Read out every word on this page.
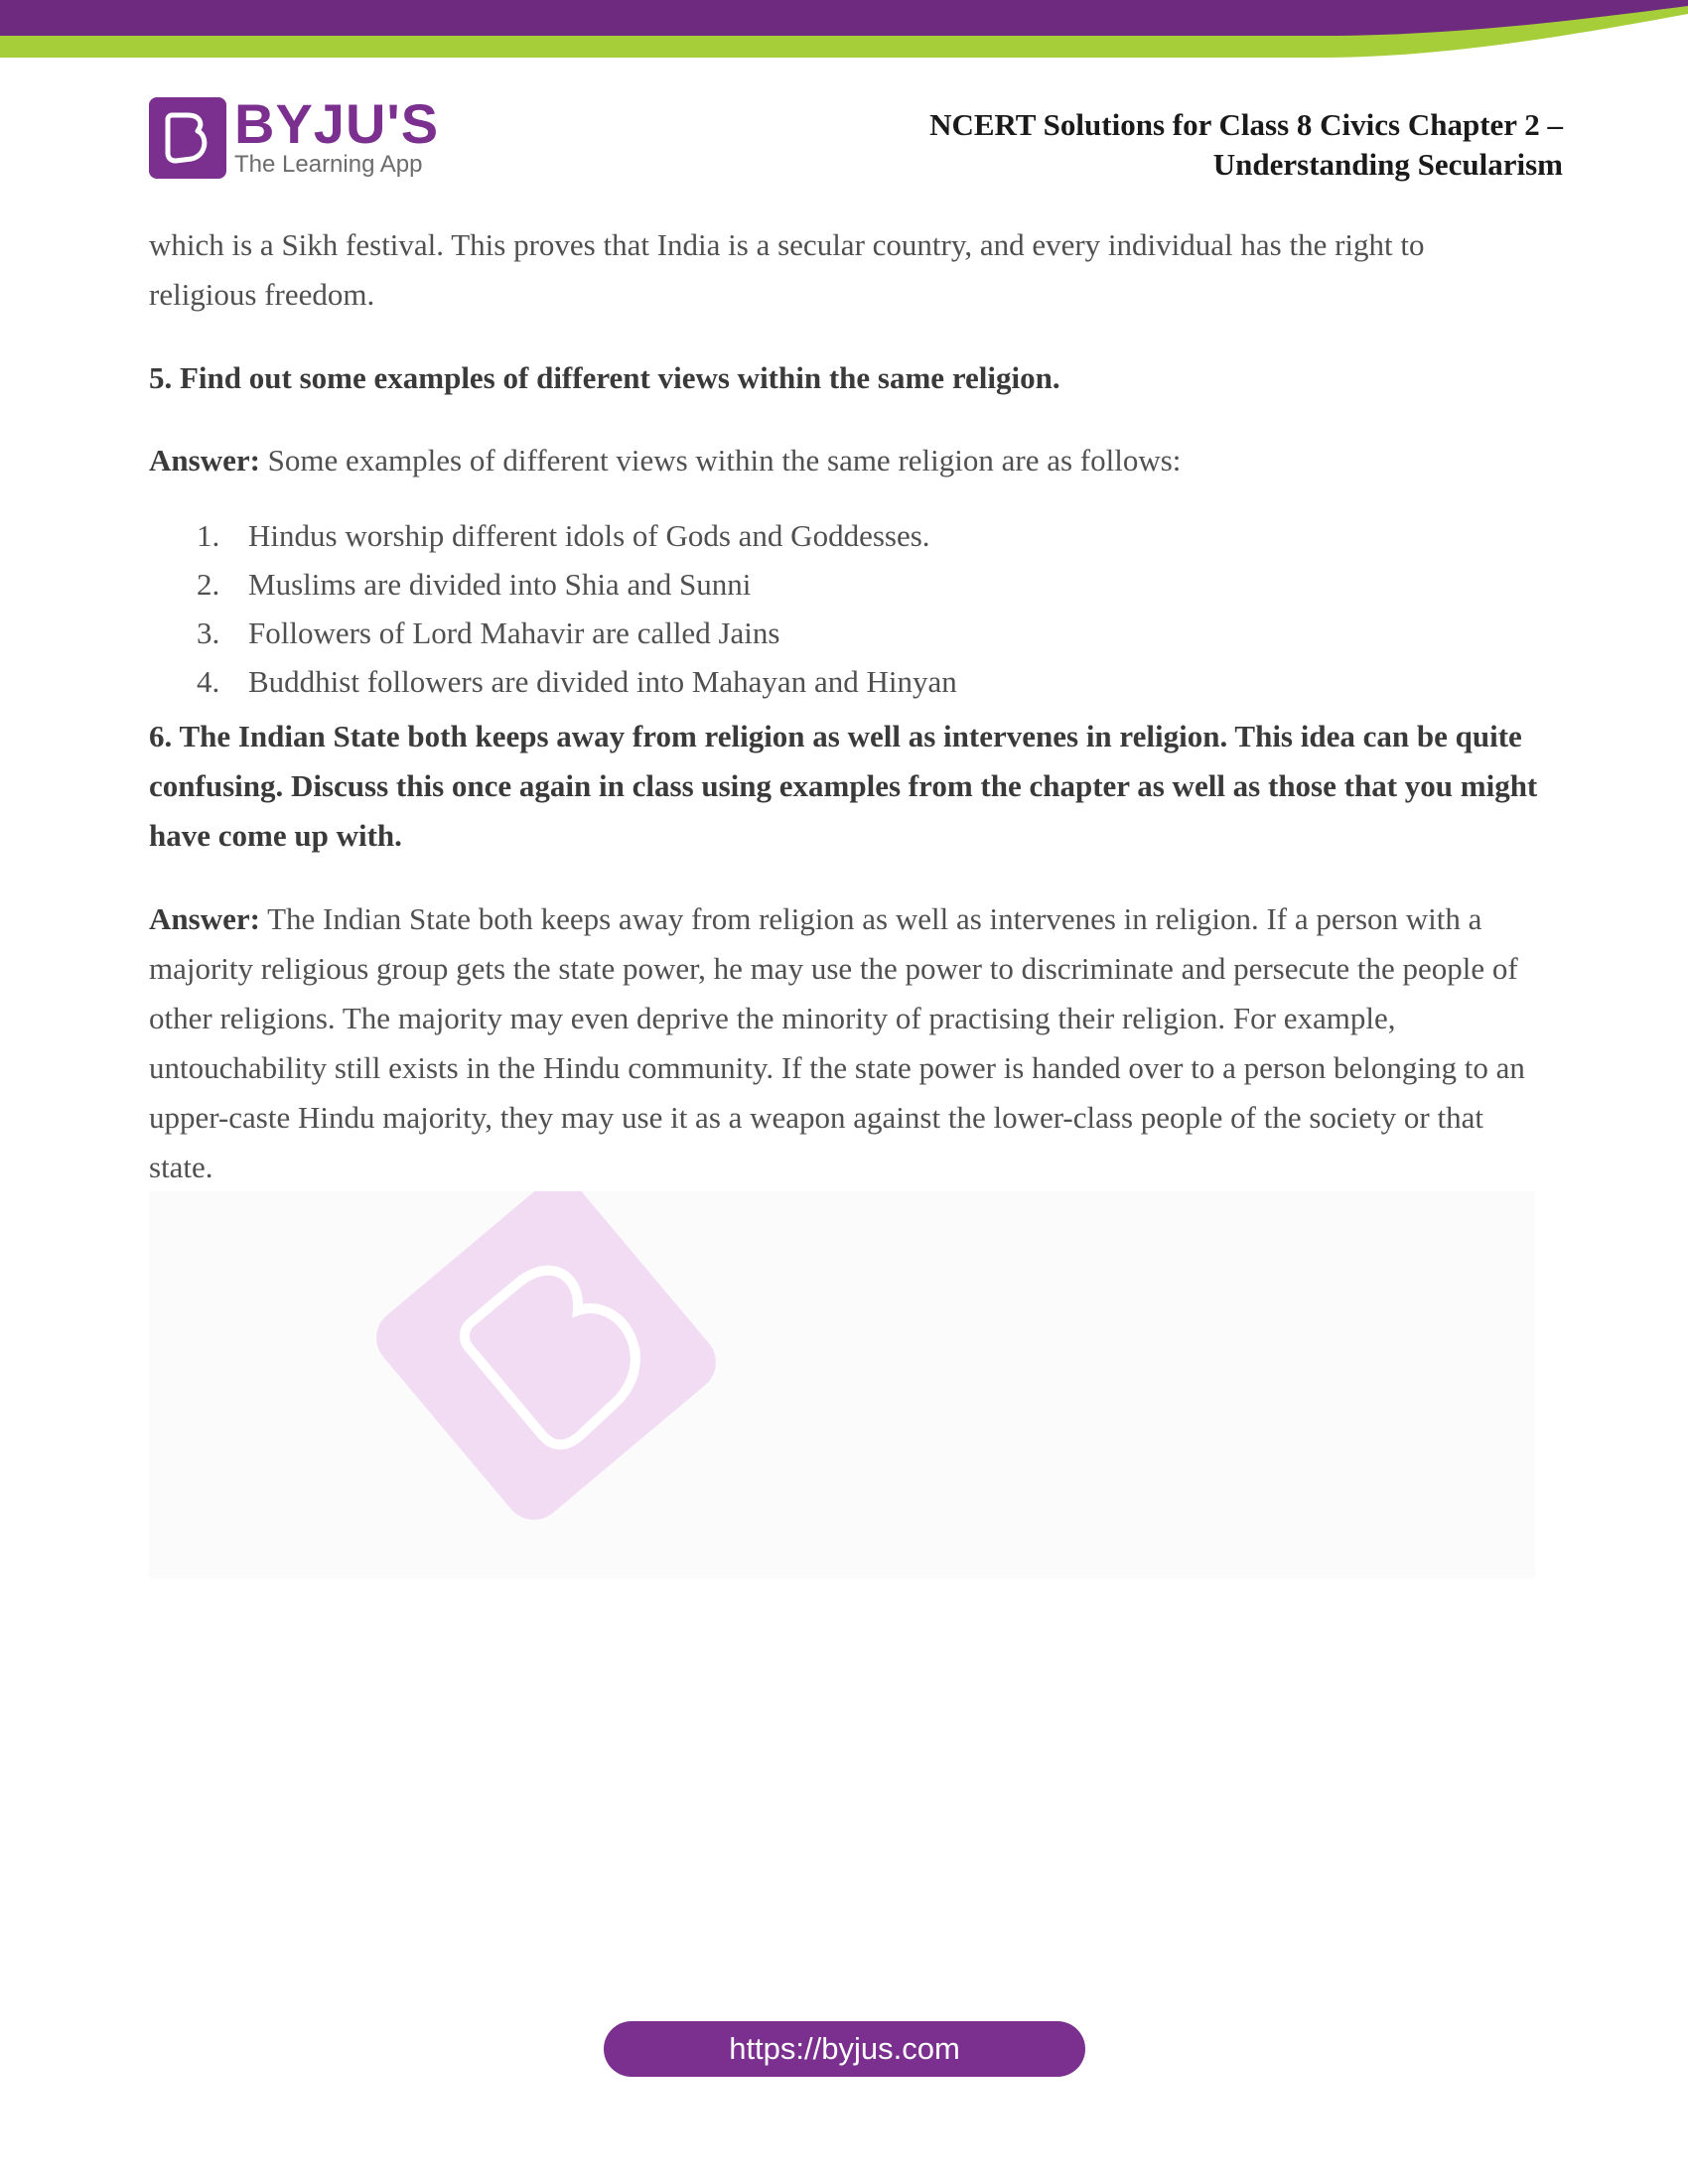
BYJU'S
The Learning App
NCERT Solutions for Class 8 Civics Chapter 2 –
Understanding Secularism

which is a Sikh festival. This proves that India is a secular country, and every individual has the right to religious freedom.

5. Find out some examples of different views within the same religion.

Answer: Some examples of different views within the same religion are as follows:

1. Hindus worship different idols of Gods and Goddesses.
2. Muslims are divided into Shia and Sunni
3. Followers of Lord Mahavir are called Jains
4. Buddhist followers are divided into Mahayan and Hinyan

6. The Indian State both keeps away from religion as well as intervenes in religion. This idea can be quite confusing. Discuss this once again in class using examples from the chapter as well as those that you might have come up with.

Answer: The Indian State both keeps away from religion as well as intervenes in religion. If a person with a majority religious group gets the state power, he may use the power to discriminate and persecute the people of other religions. The majority may even deprive the minority of practising their religion. For example, untouchability still exists in the Hindu community. If the state power is handed over to a person belonging to an upper-caste Hindu majority, they may use it as a weapon against the lower-class people of the society or that state.

https://byjus.com
